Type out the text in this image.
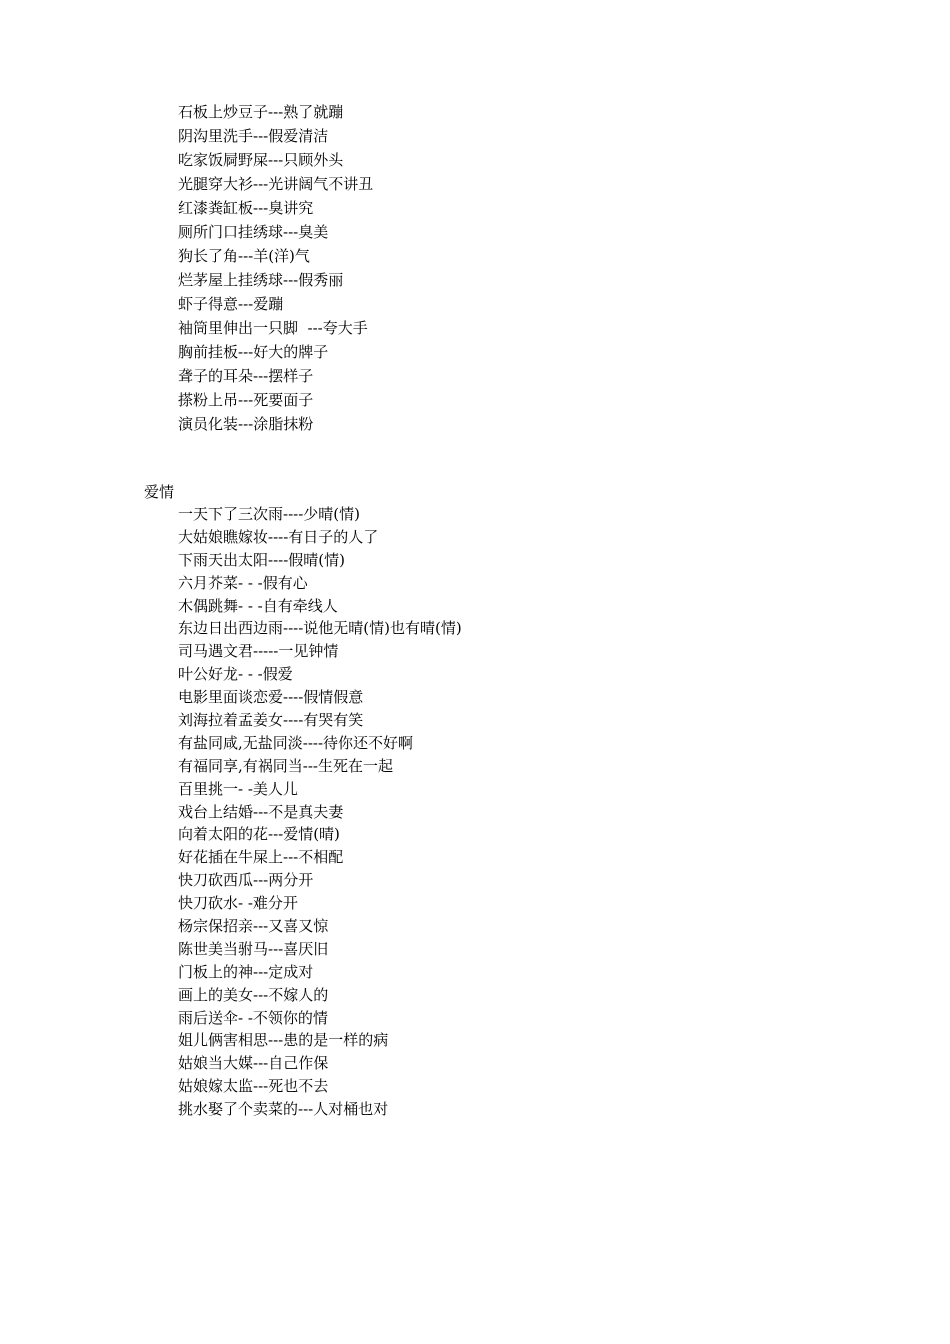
石板上炒豆子---熟了就蹦
阴沟里洗手---假爱清洁
吃家饭屙野屎---只顾外头
光腿穿大衫---光讲阔气不讲丑
红漆粪缸板---臭讲究
厕所门口挂绣球---臭美
狗长了角---羊(洋)气
烂茅屋上挂绣球---假秀丽
虾子得意---爱蹦
袖筒里伸出一只脚  ---夸大手
胸前挂板---好大的牌子
聋子的耳朵---摆样子
搽粉上吊---死要面子
演员化装---涂脂抹粉
爱情
一天下了三次雨----少晴(情)
大姑娘瞧嫁妆----有日子的人了
下雨天出太阳----假晴(情)
六月芥菜- - -假有心
木偶跳舞- - -自有牵线人
东边日出西边雨----说他无晴(情)也有晴(情)
司马遇文君-----一见钟情
叶公好龙- - -假爱
电影里面谈恋爱----假情假意
刘海拉着孟姜女----有哭有笑
有盐同咸,无盐同淡----待你还不好啊
有福同享,有祸同当---生死在一起
百里挑一- -美人儿
戏台上结婚---不是真夫妻
向着太阳的花---爱情(晴)
好花插在牛屎上---不相配
快刀砍西瓜---两分开
快刀砍水- -难分开
杨宗保招亲---又喜又惊
陈世美当驸马---喜厌旧
门板上的神---定成对
画上的美女---不嫁人的
雨后送伞- -不领你的情
姐儿俩害相思---患的是一样的病
姑娘当大媒---自己作保
姑娘嫁太监---死也不去
挑水娶了个卖菜的---人对桶也对
